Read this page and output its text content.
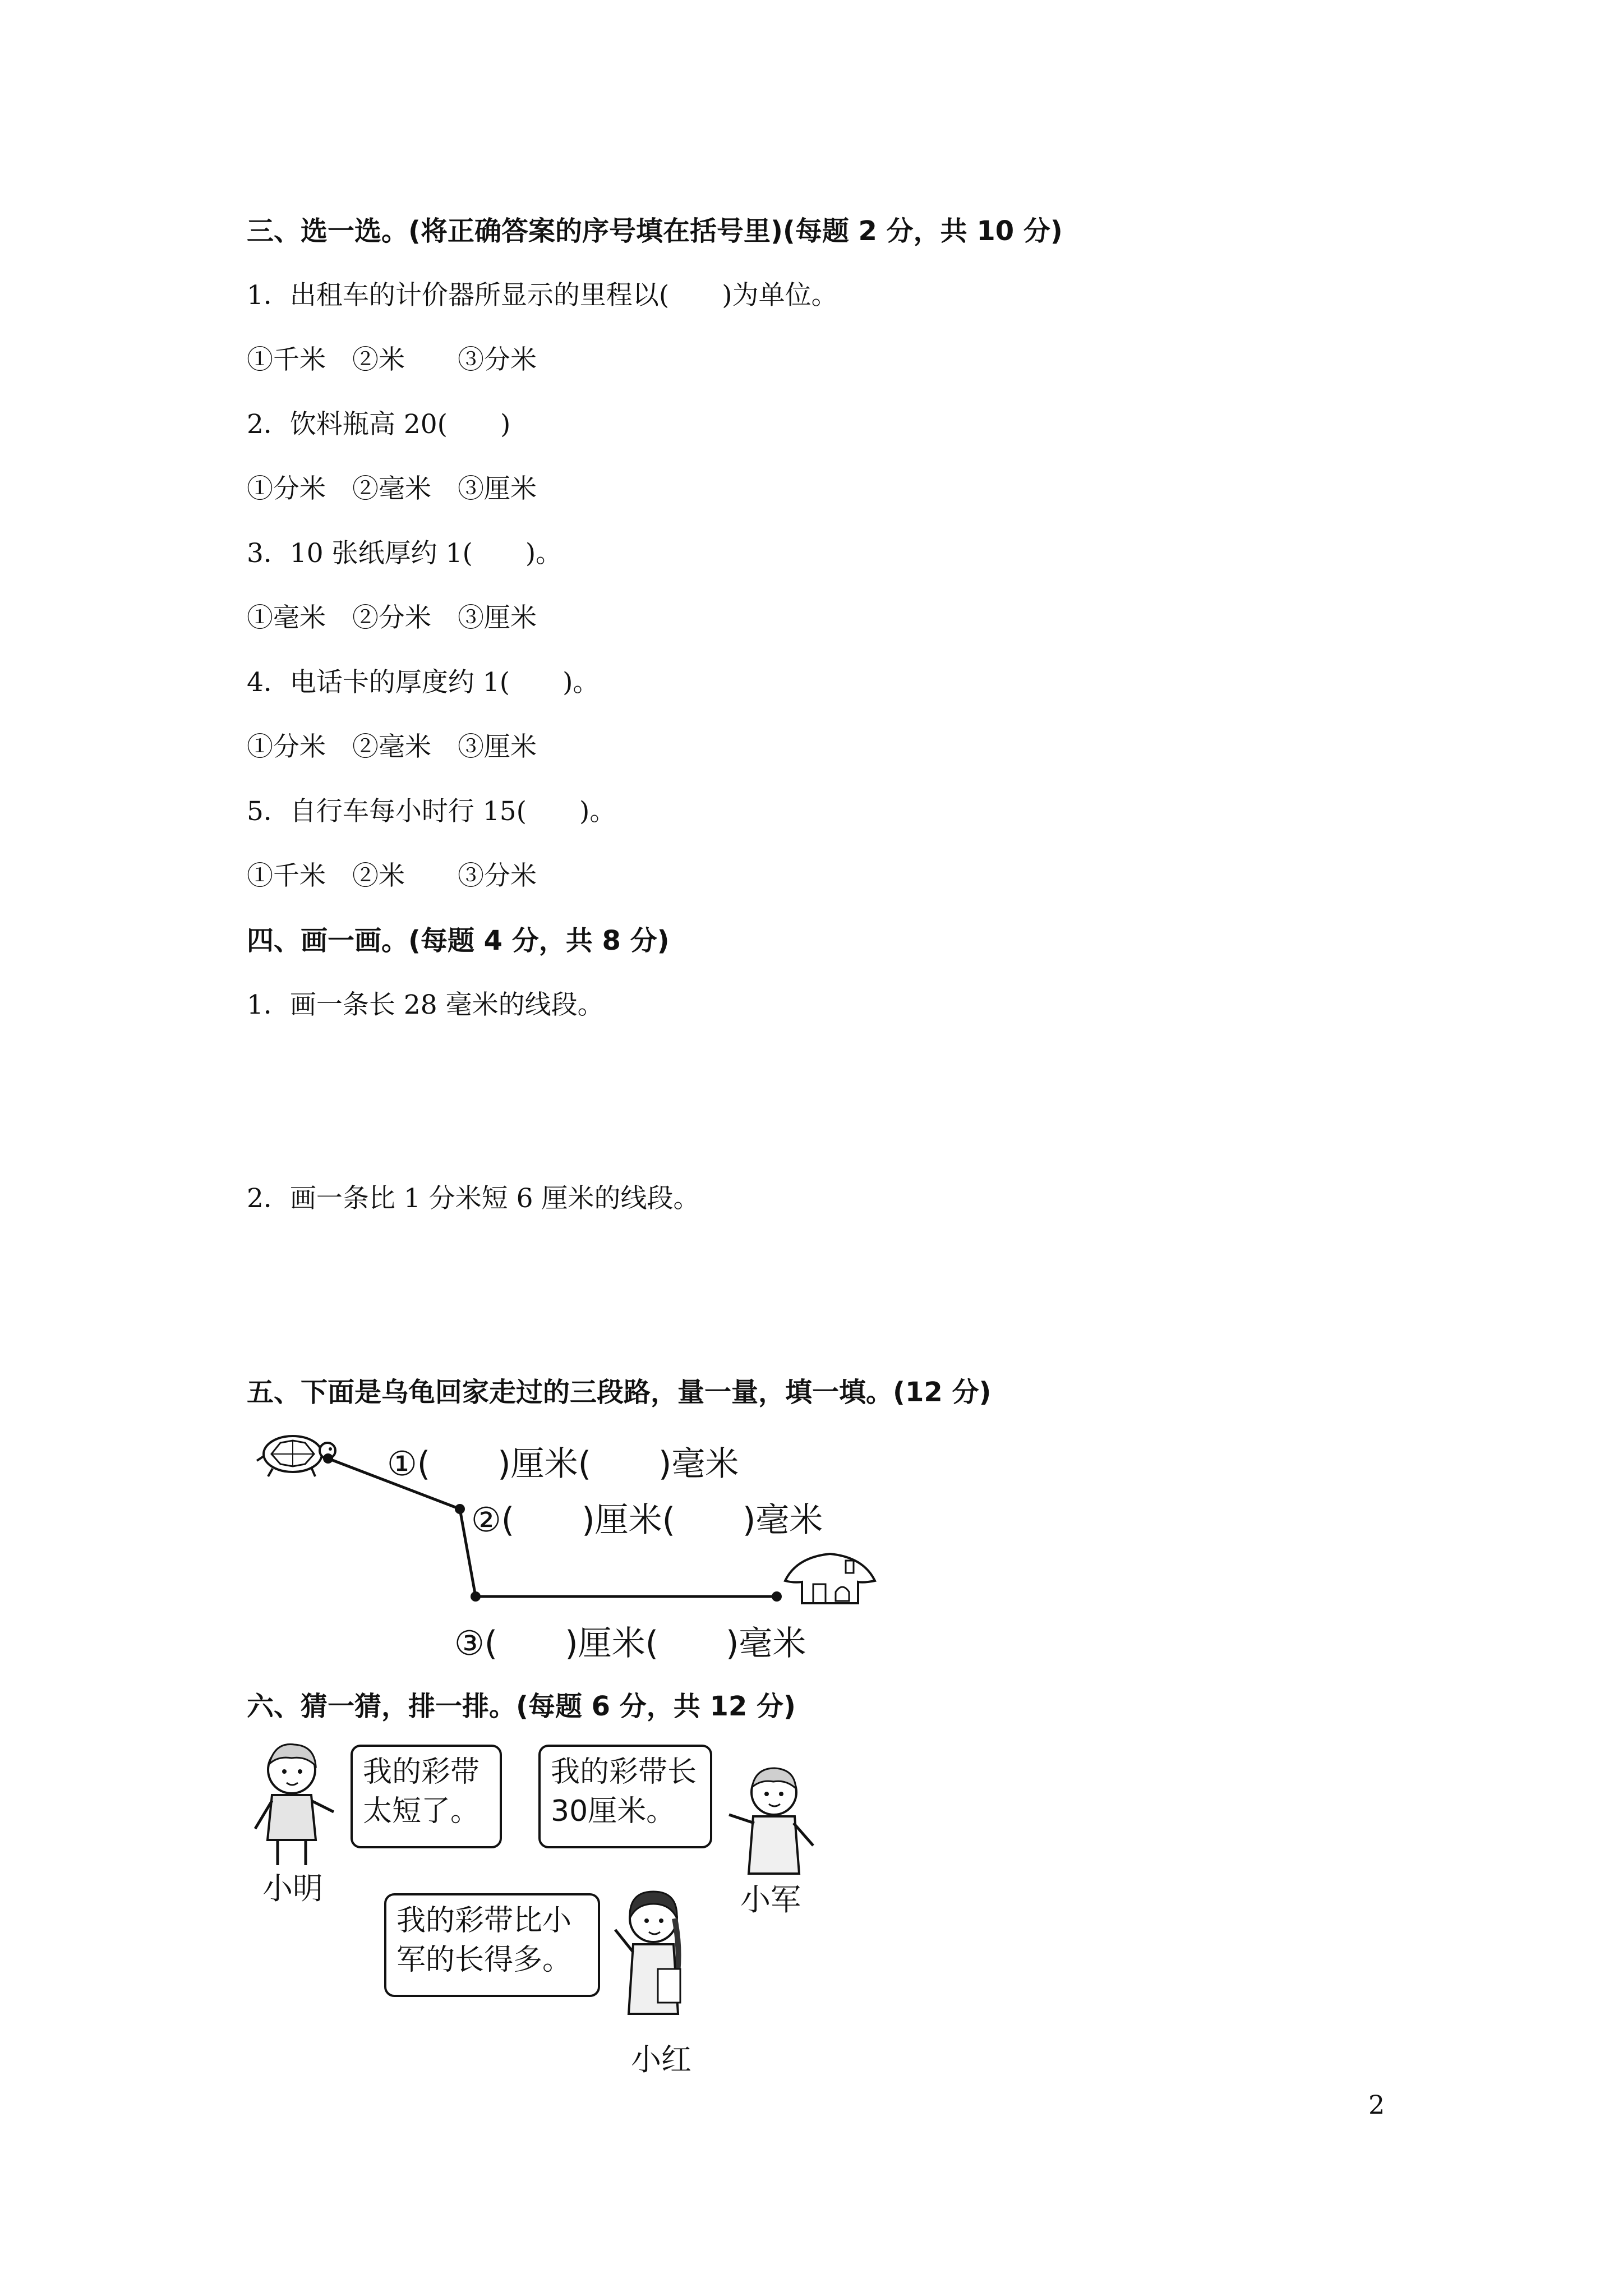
三、选一选。(将正确答案的序号填在括号里)(每题 2 分，共 10 分)
1．出租车的计价器所显示的里程以(　　)为单位。
①千米　②米　　③分米
2．饮料瓶高 20(　　)
①分米　②毫米　③厘米
3．10 张纸厚约 1(　　)。
①毫米　②分米　③厘米
4．电话卡的厚度约 1(　　)。
①分米　②毫米　③厘米
5．自行车每小时行 15(　　)。
①千米　②米　　③分米
四、画一画。(每题 4 分，共 8 分)
1．画一条长 28 毫米的线段。
2．画一条比 1 分米短 6 厘米的线段。
五、下面是乌龟回家走过的三段路，量一量，填一填。(12 分)
①(　　)厘米(　　)毫米
②(　　)厘米(　　)毫米
③(　　)厘米(　　)毫米
六、猜一猜，排一排。(每题 6 分，共 12 分)
我的彩带
太短了。
小明
我的彩带长
30厘米。
小军
我的彩带比小
军的长得多。
小红
2
